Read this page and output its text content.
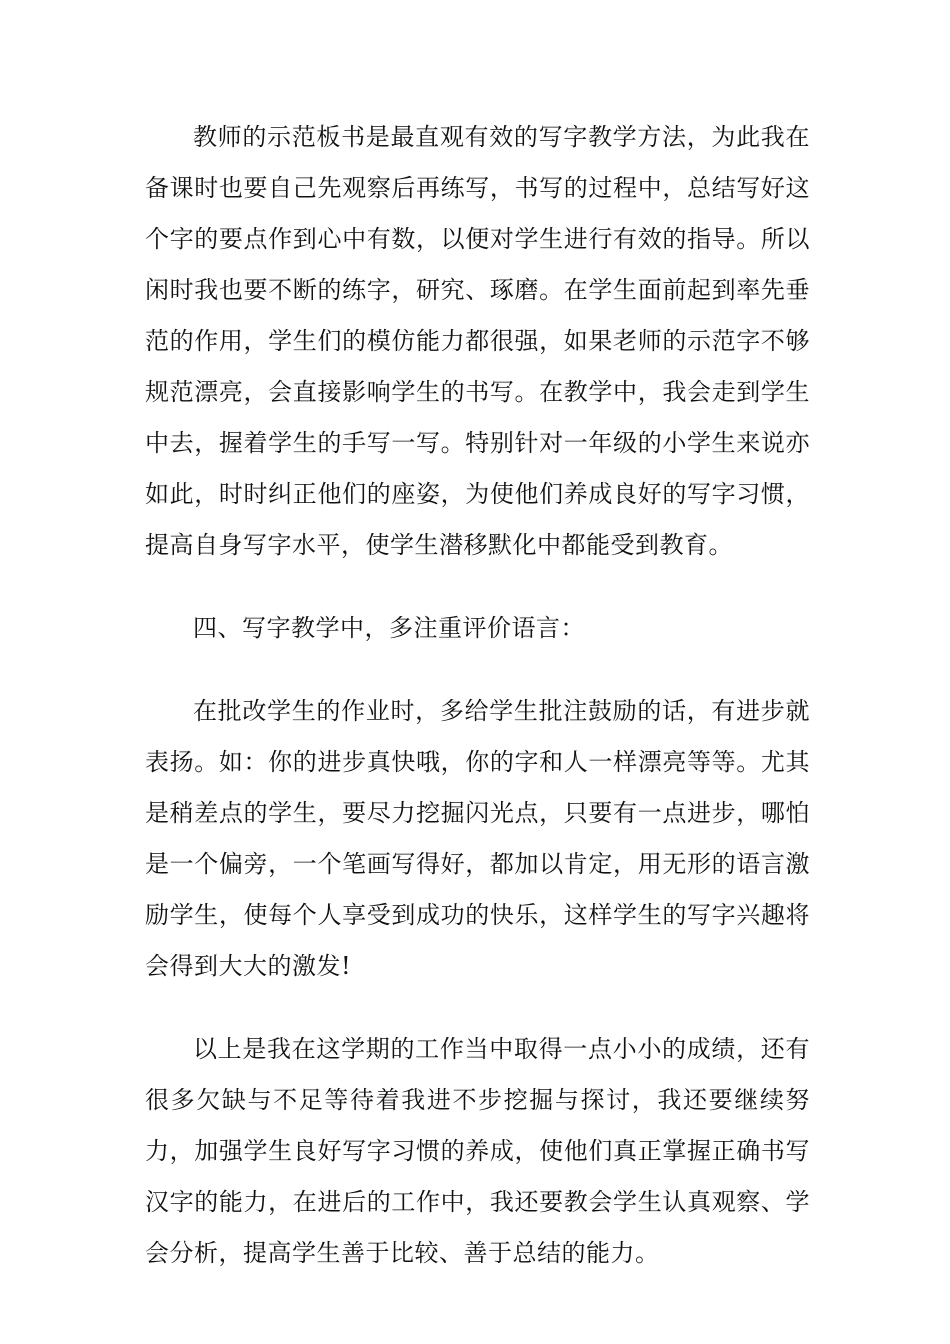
教师的示范板书是最直观有效的写字教学方法，为此我在备课时也要自己先观察后再练写，书写的过程中，总结写好这个字的要点作到心中有数，以便对学生进行有效的指导。所以闲时我也要不断的练字，研究、琢磨。在学生面前起到率先垂范的作用，学生们的模仿能力都很强，如果老师的示范字不够规范漂亮，会直接影响学生的书写。在教学中，我会走到学生中去，握着学生的手写一写。特别针对一年级的小学生来说亦如此，时时纠正他们的座姿，为使他们养成良好的写字习惯，提高自身写字水平，使学生潜移默化中都能受到教育。

四、写字教学中，多注重评价语言：

在批改学生的作业时，多给学生批注鼓励的话，有进步就表扬。如：你的进步真快哦，你的字和人一样漂亮等等。尤其是稍差点的学生，要尽力挖掘闪光点，只要有一点进步，哪怕是一个偏旁，一个笔画写得好，都加以肯定，用无形的语言激励学生，使每个人享受到成功的快乐，这样学生的写字兴趣将会得到大大的激发!

以上是我在这学期的工作当中取得一点小小的成绩，还有很多欠缺与不足等待着我进不步挖掘与探讨，我还要继续努力，加强学生良好写字习惯的养成，使他们真正掌握正确书写汉字的能力，在进后的工作中，我还要教会学生认真观察、学会分析，提高学生善于比较、善于总结的能力。
